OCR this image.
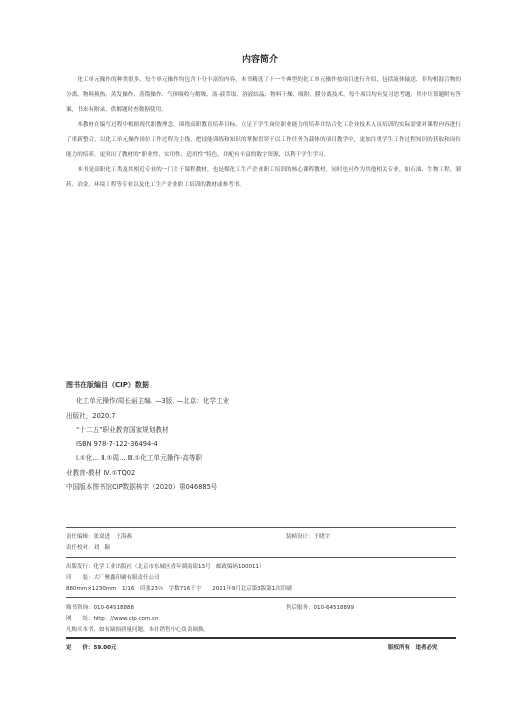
内容简介

化工单元操作的种类很多，每个单元操作均包含十分丰富的内容。本书精选了十一个典型的化工单元操作按项目进行介绍，包括流体输送、非均相混合物的分离、物料换热、蒸发操作、蒸馏操作、气体吸收与解吸、液-液萃取、溶液结晶、物料干燥、吸附、膜分离技术，每个项目均有复习思考题，其中计算题附有答案，书末有附录，供解题时查数据使用。

本教材在编写过程中根据现代职教理念，围绕高职教育培养目标，立足于学生岗位职业能力的培养并结合化工企业技术人员培训的实际需要对课程内容进行了重新整合，以化工单元操作岗位工作过程为主线，把技能训练和知识的掌握贯穿于以工作任务为载体的项目教学中，更加注重学生工作过程知识的获取和岗位能力的培养，更突出了教材的“职业性、实用性、适用性”特色，并配有丰富的数字资源，以利于学生学习。

本书是高职化工类及其相近专业的一门主干课程教材，也是煤化工生产企业职工培训的核心课程教材，同时也可作为其他相关专业，如石油、生物工程、制药、冶金、环境工程等专业以及化工生产企业职工培训的教材或参考书。

图书在版编目（CIP）数据
化工单元操作/周长丽主编. —3版. —北京：化学工业
出版社，2020.7
“十二五”职业教育国家规划教材
ISBN 978-7-122-36494-4
Ⅰ.①化… Ⅱ.①周… Ⅲ.①化工单元操作-高等职
业教育-教材 Ⅳ.①TQ02
中国版本图书馆CIP数据核字（2020）第046885号
责任编辑：张双进　王海燕	装帧设计：王晓宇
责任校对：刘　颖
出版发行：化学工业出版社（北京市东城区青年湖南街13号　邮政编码100011）
印　　装：大厂聚鑫印刷有限责任公司
880mm×1230mm　1/16　印张23½　字数716千字　　2021年9月北京第3版第1次印刷
购书咨询：010-64518888	售后服务：010-64518899
网　　址：http：//www.cip.com.cn
凡购买本书，如有缺损质量问题，本社销售中心负责调换。
定　　价：59.00元	版权所有　违者必究
